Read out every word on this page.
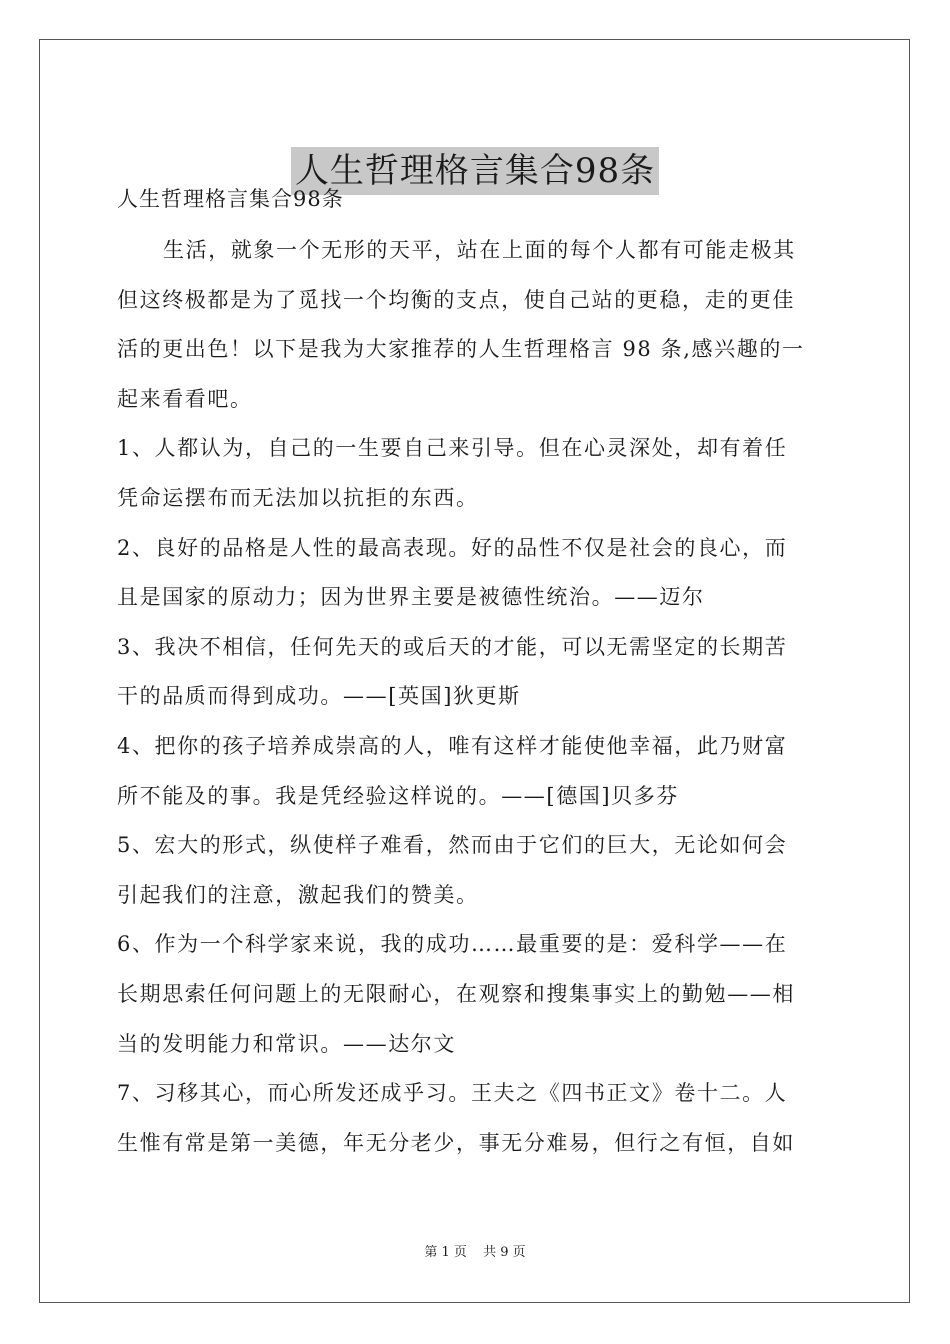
人生哲理格言集合98条
人生哲理格言集合98条
生活，就象一个无形的天平，站在上面的每个人都有可能走极其
但这终极都是为了觅找一个均衡的支点，使自己站的更稳，走的更佳
活的更出色！以下是我为大家推荐的人生哲理格言 98 条,感兴趣的一
起来看看吧。
1、人都认为，自己的一生要自己来引导。但在心灵深处，却有着任
凭命运摆布而无法加以抗拒的东西。
2、良好的品格是人性的最高表现。好的品性不仅是社会的良心，而
且是国家的原动力；因为世界主要是被德性统治。——迈尔
3、我决不相信，任何先天的或后天的才能，可以无需坚定的长期苦
干的品质而得到成功。——[英国]狄更斯
4、把你的孩子培养成崇高的人，唯有这样才能使他幸福，此乃财富
所不能及的事。我是凭经验这样说的。——[德国]贝多芬
5、宏大的形式，纵使样子难看，然而由于它们的巨大，无论如何会
引起我们的注意，激起我们的赞美。
6、作为一个科学家来说，我的成功……最重要的是：爱科学——在
长期思索任何问题上的无限耐心，在观察和搜集事实上的勤勉——相
当的发明能力和常识。——达尔文
7、习移其心，而心所发还成乎习。王夫之《四书正文》卷十二。人
生惟有常是第一美德，年无分老少，事无分难易，但行之有恒，自如
第 1 页 共 9 页
